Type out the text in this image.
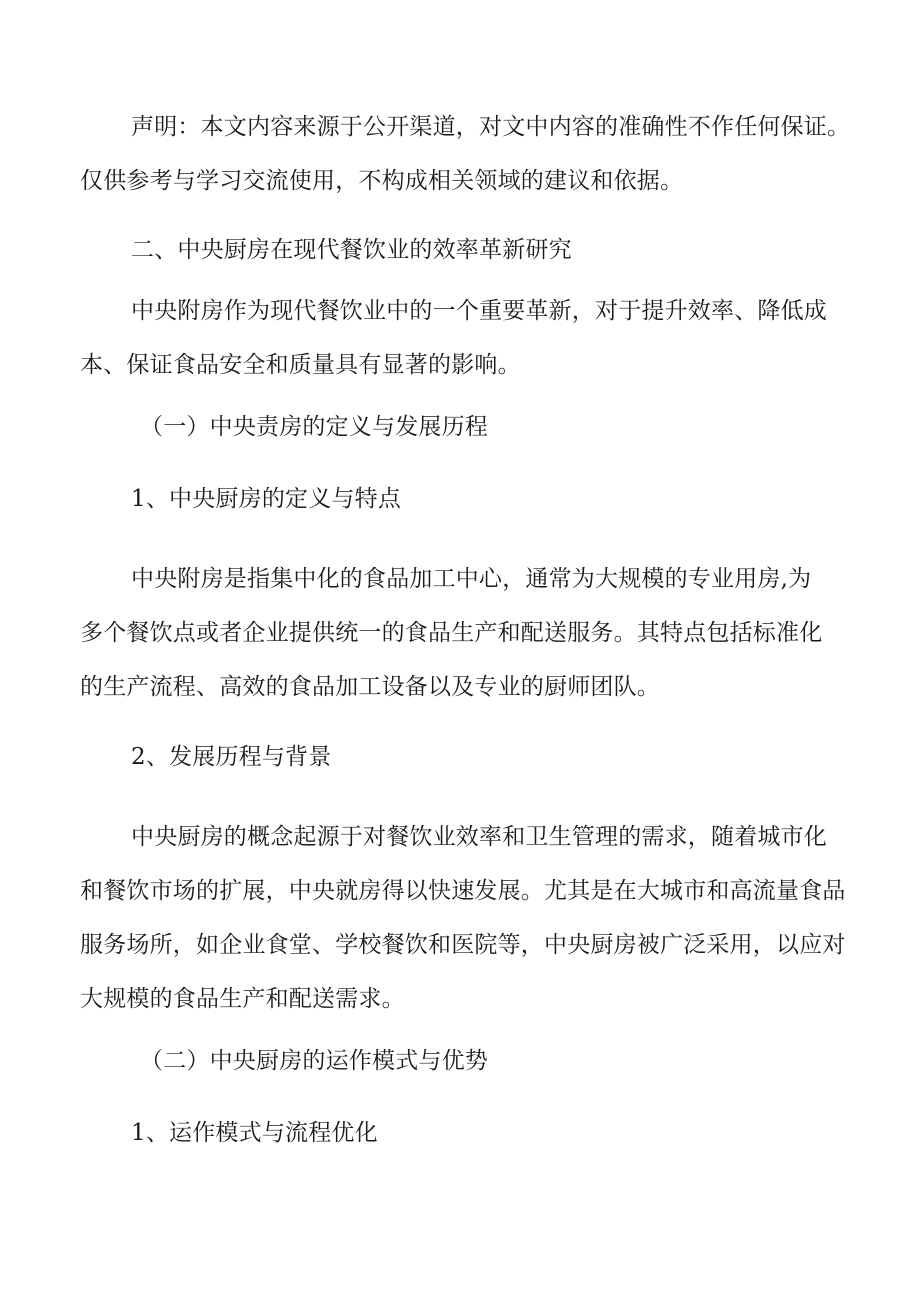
声明：本文内容来源于公开渠道，对文中内容的准确性不作任何保证。
仅供参考与学习交流使用，不构成相关领域的建议和依据。
二、中央厨房在现代餐饮业的效率革新研究
中央附房作为现代餐饮业中的一个重要革新，对于提升效率、降低成
本、保证食品安全和质量具有显著的影响。
（一）中央责房的定义与发展历程
1、中央厨房的定义与特点
中央附房是指集中化的食品加工中心，通常为大规模的专业用房,为
多个餐饮点或者企业提供统一的食品生产和配送服务。其特点包括标准化
的生产流程、高效的食品加工设备以及专业的厨师团队。
2、发展历程与背景
中央厨房的概念起源于对餐饮业效率和卫生管理的需求，随着城市化
和餐饮市场的扩展，中央就房得以快速发展。尤其是在大城市和高流量食品
服务场所，如企业食堂、学校餐饮和医院等，中央厨房被广泛采用，以应对
大规模的食品生产和配送需求。
（二）中央厨房的运作模式与优势
1、运作模式与流程优化
